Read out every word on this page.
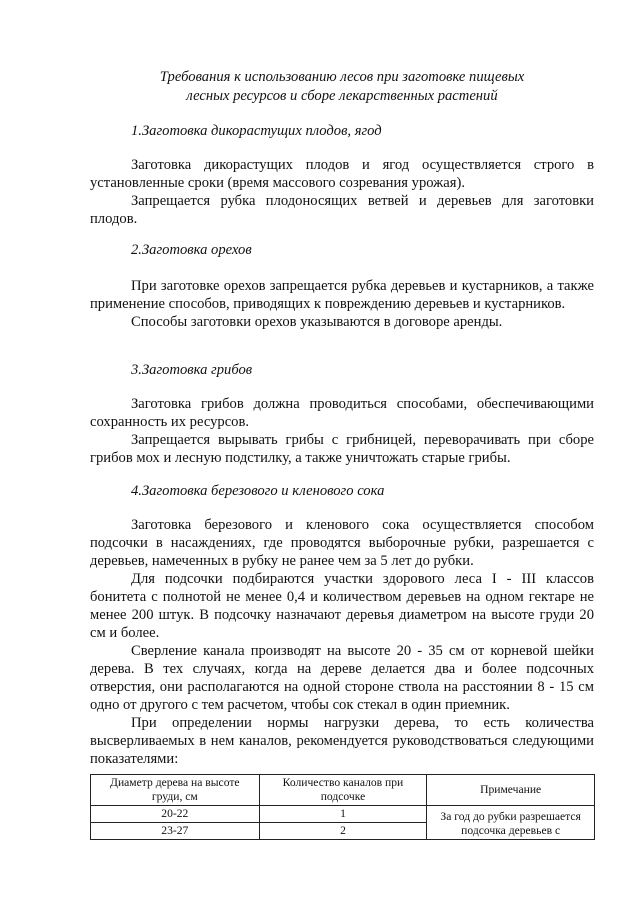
Требования к использованию лесов при заготовке пищевых
лесных ресурсов и сборе лекарственных растений
1.Заготовка дикорастущих плодов, ягод

Заготовка дикорастущих плодов и ягод осуществляется строго в установленные сроки (время массового созревания урожая).

Запрещается рубка плодоносящих ветвей и деревьев для заготовки плодов.

2.Заготовка орехов

При заготовке орехов запрещается рубка деревьев и кустарников, а также применение способов, приводящих к повреждению деревьев и кустарников.

Способы заготовки орехов указываются в договоре аренды.

3.Заготовка грибов

Заготовка грибов должна проводиться способами, обеспечивающими сохранность их ресурсов.

Запрещается вырывать грибы с грибницей, переворачивать при сборе грибов мох и лесную подстилку, а также уничтожать старые грибы.

4.Заготовка березового и кленового сока

Заготовка березового и кленового сока осуществляется способом подсочки в насаждениях, где проводятся выборочные рубки, разрешается с деревьев, намеченных в рубку не ранее чем за 5 лет до рубки.

Для подсочки подбираются участки здорового леса I - III классов бонитета с полнотой не менее 0,4 и количеством деревьев на одном гектаре не менее 200 штук. В подсочку назначают деревья диаметром на высоте груди 20 см и более.

Сверление канала производят на высоте 20 - 35 см от корневой шейки дерева. В тех случаях, когда на дереве делается два и более подсочных отверстия, они располагаются на одной стороне ствола на расстоянии 8 - 15 см одно от другого с тем расчетом, чтобы сок стекал в один приемник.

При определении нормы нагрузки дерева, то есть количества высверливаемых в нем каналов, рекомендуется руководствоваться следующими показателями:

Диаметр дерева на высоте груди, см	Количество каналов при подсочке	Примечание
20-22	1	За год до рубки разрешается подсочка деревьев с
23-27	2	
